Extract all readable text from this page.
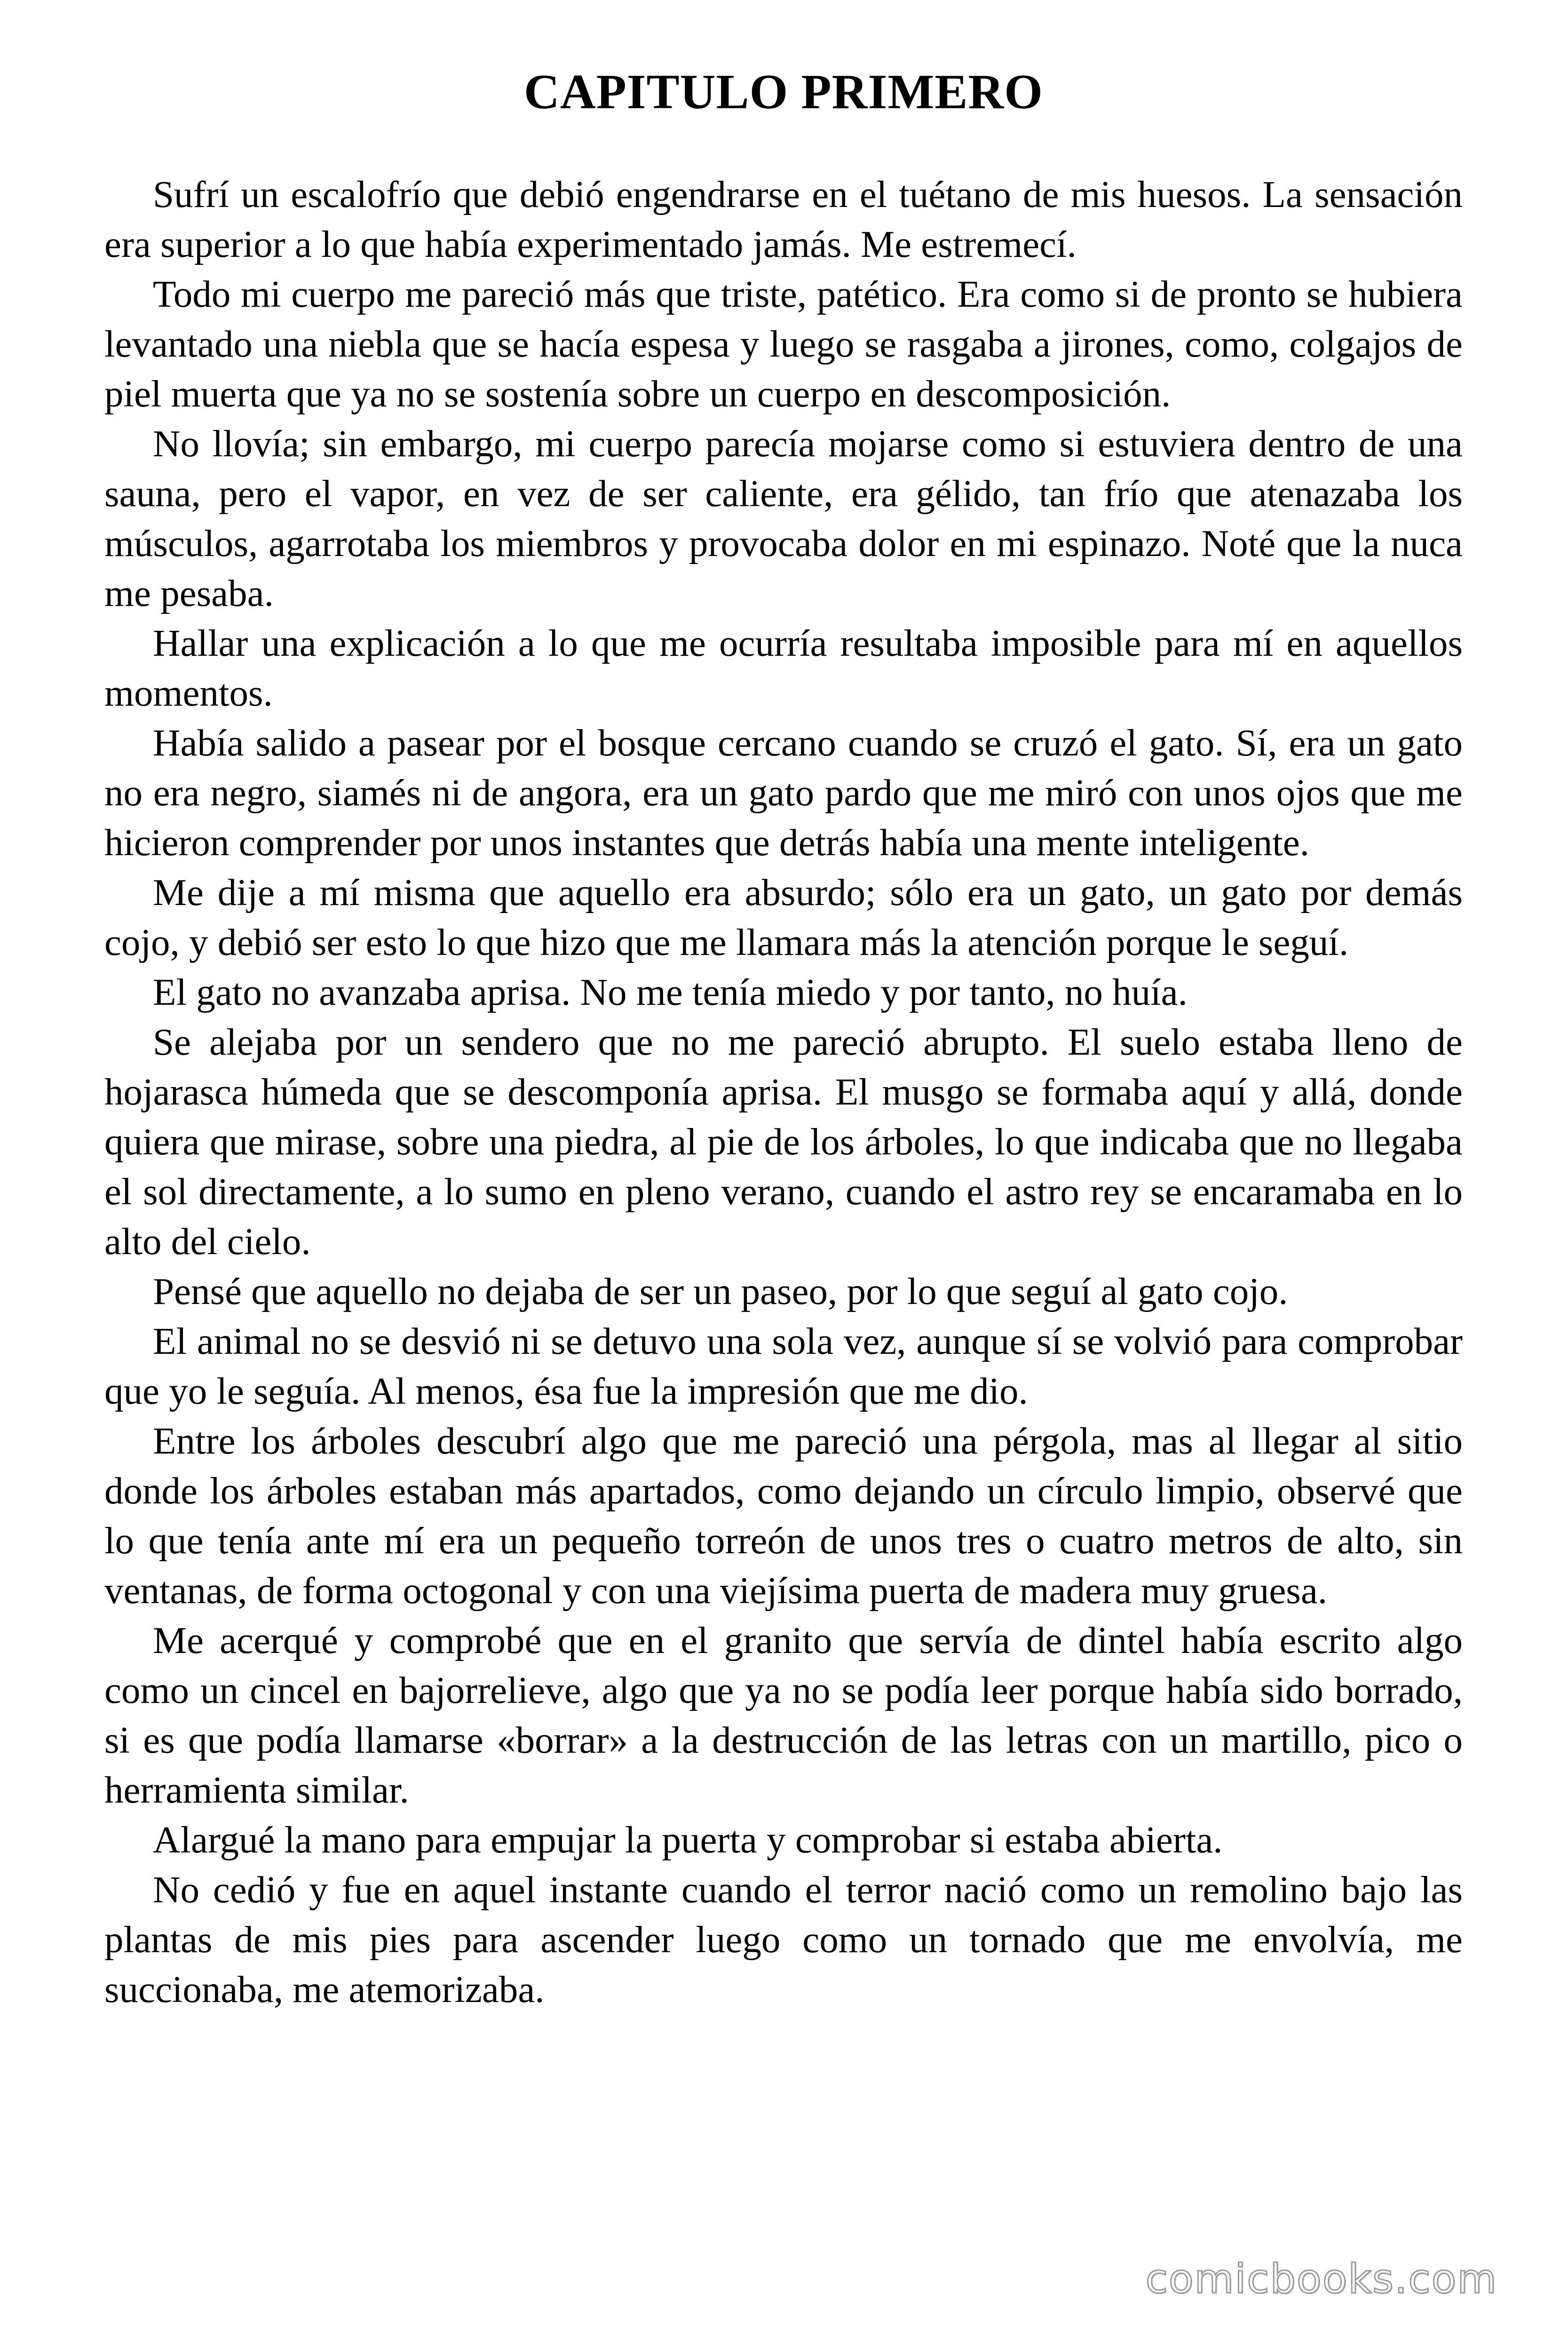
CAPITULO PRIMERO

Sufrí un escalofrío que debió engendrarse en el tuétano de mis huesos. La sensación era superior a lo que había experimentado jamás. Me estremecí.

Todo mi cuerpo me pareció más que triste, patético. Era como si de pronto se hubiera levantado una niebla que se hacía espesa y luego se rasgaba a jirones, como, colgajos de piel muerta que ya no se sostenía sobre un cuerpo en descomposición.

No llovía; sin embargo, mi cuerpo parecía mojarse como si estuviera dentro de una sauna, pero el vapor, en vez de ser caliente, era gélido, tan frío que atenazaba los músculos, agarrotaba los miembros y provocaba dolor en mi espinazo. Noté que la nuca me pesaba.

Hallar una explicación a lo que me ocurría resultaba imposible para mí en aquellos momentos.

Había salido a pasear por el bosque cercano cuando se cruzó el gato. Sí, era un gato no era negro, siamés ni de angora, era un gato pardo que me miró con unos ojos que me hicieron comprender por unos instantes que detrás había una mente inteligente.

Me dije a mí misma que aquello era absurdo; sólo era un gato, un gato por demás cojo, y debió ser esto lo que hizo que me llamara más la atención porque le seguí.

El gato no avanzaba aprisa. No me tenía miedo y por tanto, no huía.

Se alejaba por un sendero que no me pareció abrupto. El suelo estaba lleno de hojarasca húmeda que se descomponía aprisa. El musgo se formaba aquí y allá, donde quiera que mirase, sobre una piedra, al pie de los árboles, lo que indicaba que no llegaba el sol directamente, a lo sumo en pleno verano, cuando el astro rey se encaramaba en lo alto del cielo.

Pensé que aquello no dejaba de ser un paseo, por lo que seguí al gato cojo.

El animal no se desvió ni se detuvo una sola vez, aunque sí se volvió para comprobar que yo le seguía. Al menos, ésa fue la impresión que me dio.

Entre los árboles descubrí algo que me pareció una pérgola, mas al llegar al sitio donde los árboles estaban más apartados, como dejando un círculo limpio, observé que lo que tenía ante mí era un pequeño torreón de unos tres o cuatro metros de alto, sin ventanas, de forma octogonal y con una viejísima puerta de madera muy gruesa.

Me acerqué y comprobé que en el granito que servía de dintel había escrito algo como un cincel en bajorrelieve, algo que ya no se podía leer porque había sido borrado, si es que podía llamarse «borrar» a la destrucción de las letras con un martillo, pico o herramienta similar.

Alargué la mano para empujar la puerta y comprobar si estaba abierta.

No cedió y fue en aquel instante cuando el terror nació como un remolino bajo las plantas de mis pies para ascender luego como un tornado que me envolvía, me succionaba, me atemorizaba.

comicbooks.com
